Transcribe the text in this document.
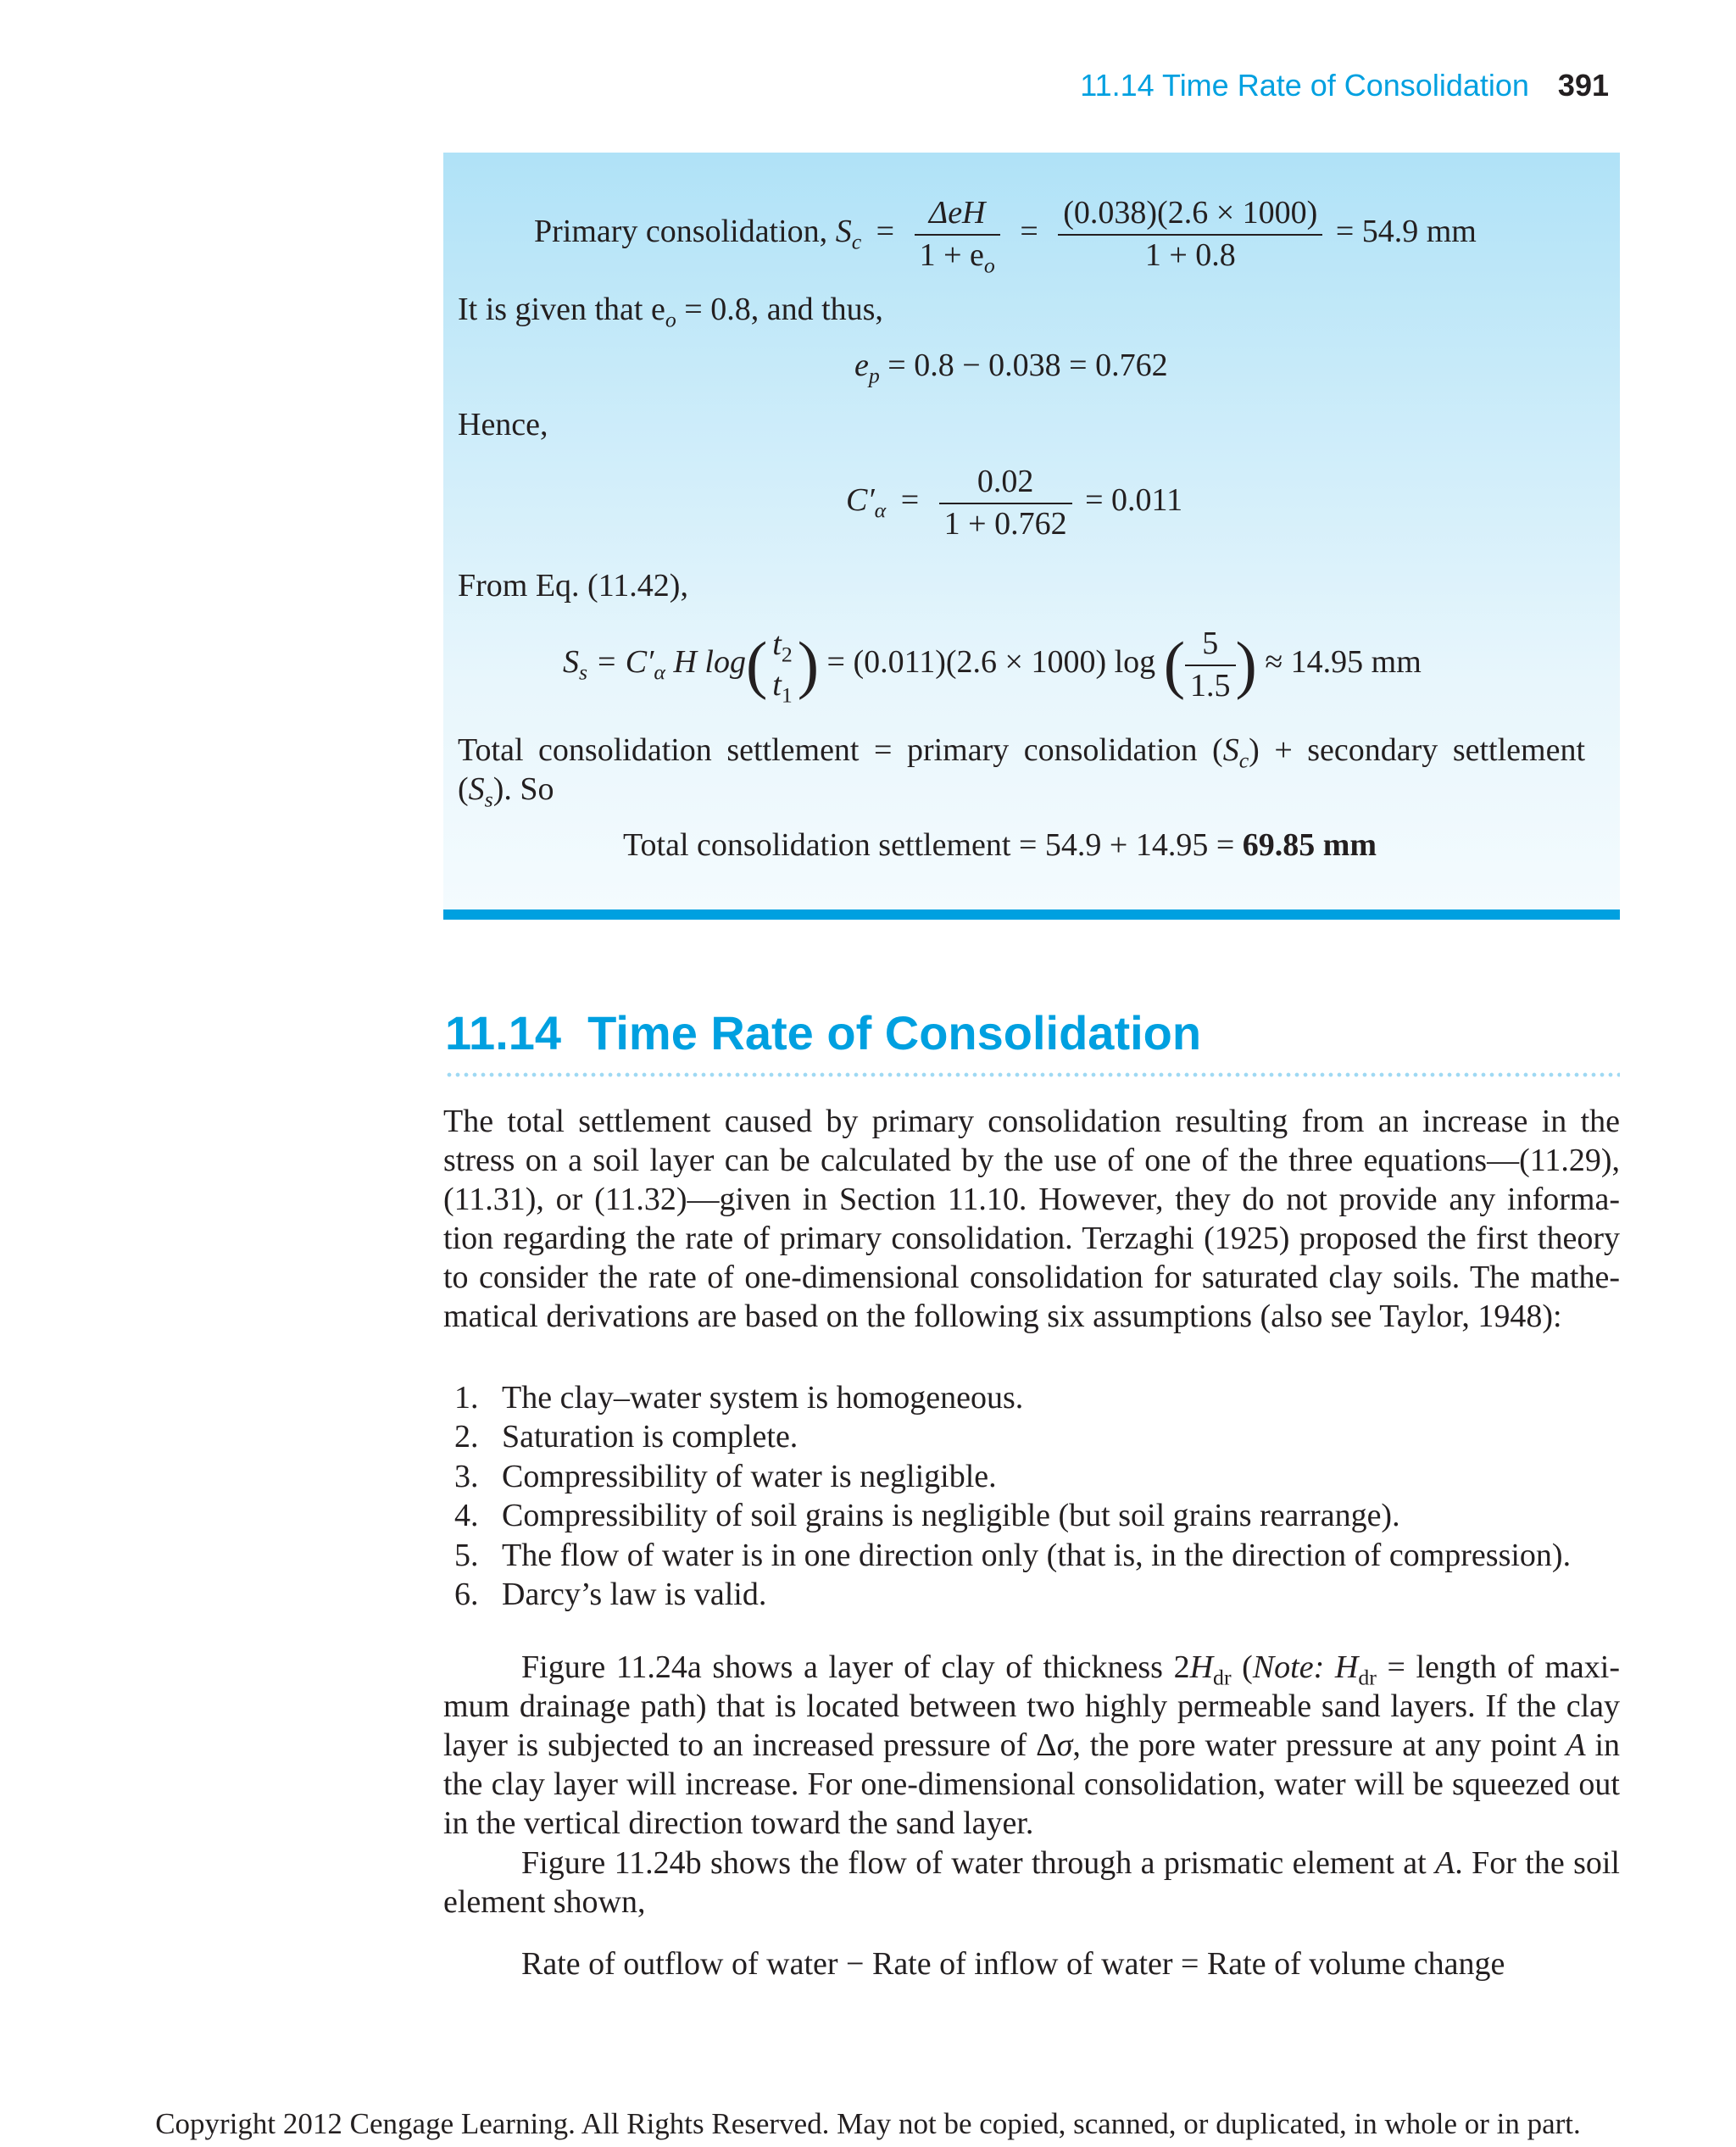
11.14 Time Rate of Consolidation 391
Primary consolidation, $S_c = \frac{\text{ΔeH}}{1 + e_o} = \frac{(0.038)(2.6 \times 1000)}{1 + 0.8} = 54.9$ mm
It is given that $e_o = 0.8$, and thus,
$e_p = 0.8 - 0.038 = 0.762$
Hence,
$C'_\alpha = \frac{0.02}{1 + 0.762} = 0.011$
From Eq. (11.42),
$S_s = C'_\alpha$ H log( $t_2$
$t_1$ ) = (0.011)(2.6 × 1000) log ( $\frac{5}{1.5}$ ) ≈ 14.95 mm
Total consolidation settlement = primary consolidation $(S_c)$ + secondary settlement $(S_s)$. So
Total consolidation settlement = 54.9 + 14.95 = 69.85 mm
11.14 Time Rate of Consolidation
The total settlement caused by primary consolidation resulting from an increase in the stress on a soil layer can be calculated by the use of one of the three equations—(11.29), (11.31), or (11.32)—given in Section 11.10. However, they do not provide any informa-tion regarding the rate of primary consolidation. Terzaghi (1925) proposed the first theory to consider the rate of one-dimensional consolidation for saturated clay soils. The mathe-matical derivations are based on the following six assumptions (also see Taylor, 1948):
1. The clay–water system is homogeneous.
2. Saturation is complete.
3. Compressibility of water is negligible.
4. Compressibility of soil grains is negligible (but soil grains rearrange).
5. The flow of water is in one direction only (that is, in the direction of compression).
6. Darcy’s law is valid.
Figure 11.24a shows a layer of clay of thickness $2H_{dr}$ (Note: $H_{dr}$ = length of maxi-mum drainage path) that is located between two highly permeable sand layers. If the clay layer is subjected to an increased pressure of Δσ, the pore water pressure at any point A in the clay layer will increase. For one-dimensional consolidation, water will be squeezed out in the vertical direction toward the sand layer.
Figure 11.24b shows the flow of water through a prismatic element at A. For the soil element shown,
Rate of outflow of water − Rate of inflow of water = Rate of volume change
Copyright 2012 Cengage Learning. All Rights Reserved. May not be copied, scanned, or duplicated, in whole or in part.
